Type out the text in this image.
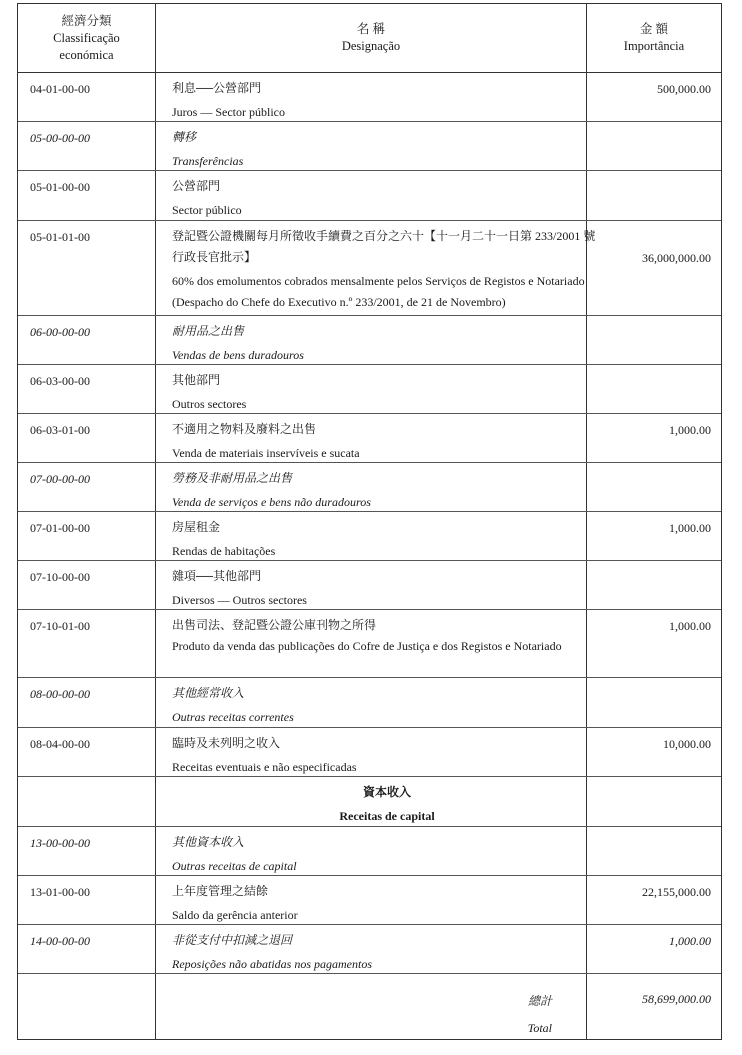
經濟分類
Classificação
económica
名 稱
Designação
金 額
Importância
04-01-00-00	利息──公營部門
Juros — Sector público
500,000.00
05-00-00-00	轉移
Transferências
05-01-00-00	公營部門
Sector público
05-01-01-00	登記暨公證機關每月所徵收手續費之百分之六十【十一月二十一日第 233/2001 號行政長官批示】
60% dos emolumentos cobrados mensalmente pelos Serviços de Registos e Notariado (Despacho do Chefe do Executivo n.º 233/2001, de 21 de Novembro)
36,000,000.00
06-00-00-00	耐用品之出售
Vendas de bens duradouros
06-03-00-00	其他部門
Outros sectores
06-03-01-00	不適用之物料及廢料之出售
Venda de materiais inservíveis e sucata
1,000.00
07-00-00-00	勞務及非耐用品之出售
Venda de serviços e bens não duradouros
07-01-00-00	房屋租金
Rendas de habitações
1,000.00
07-10-00-00	雜項──其他部門
Diversos — Outros sectores
07-10-01-00	出售司法、登記暨公證公庫刊物之所得
Produto da venda das publicações do Cofre de Justiça e dos Registos e Notariado
1,000.00
08-00-00-00	其他經常收入
Outras receitas correntes
08-04-00-00	臨時及未列明之收入
Receitas eventuais e não especificadas
10,000.00
資本收入
Receitas de capital
13-00-00-00	其他資本收入
Outras receitas de capital
13-01-00-00	上年度管理之結餘
Saldo da gerência anterior
22,155,000.00
14-00-00-00	非從支付中扣減之退回
Reposições não abatidas nos pagamentos
1,000.00
總計
Total
58,699,000.00
